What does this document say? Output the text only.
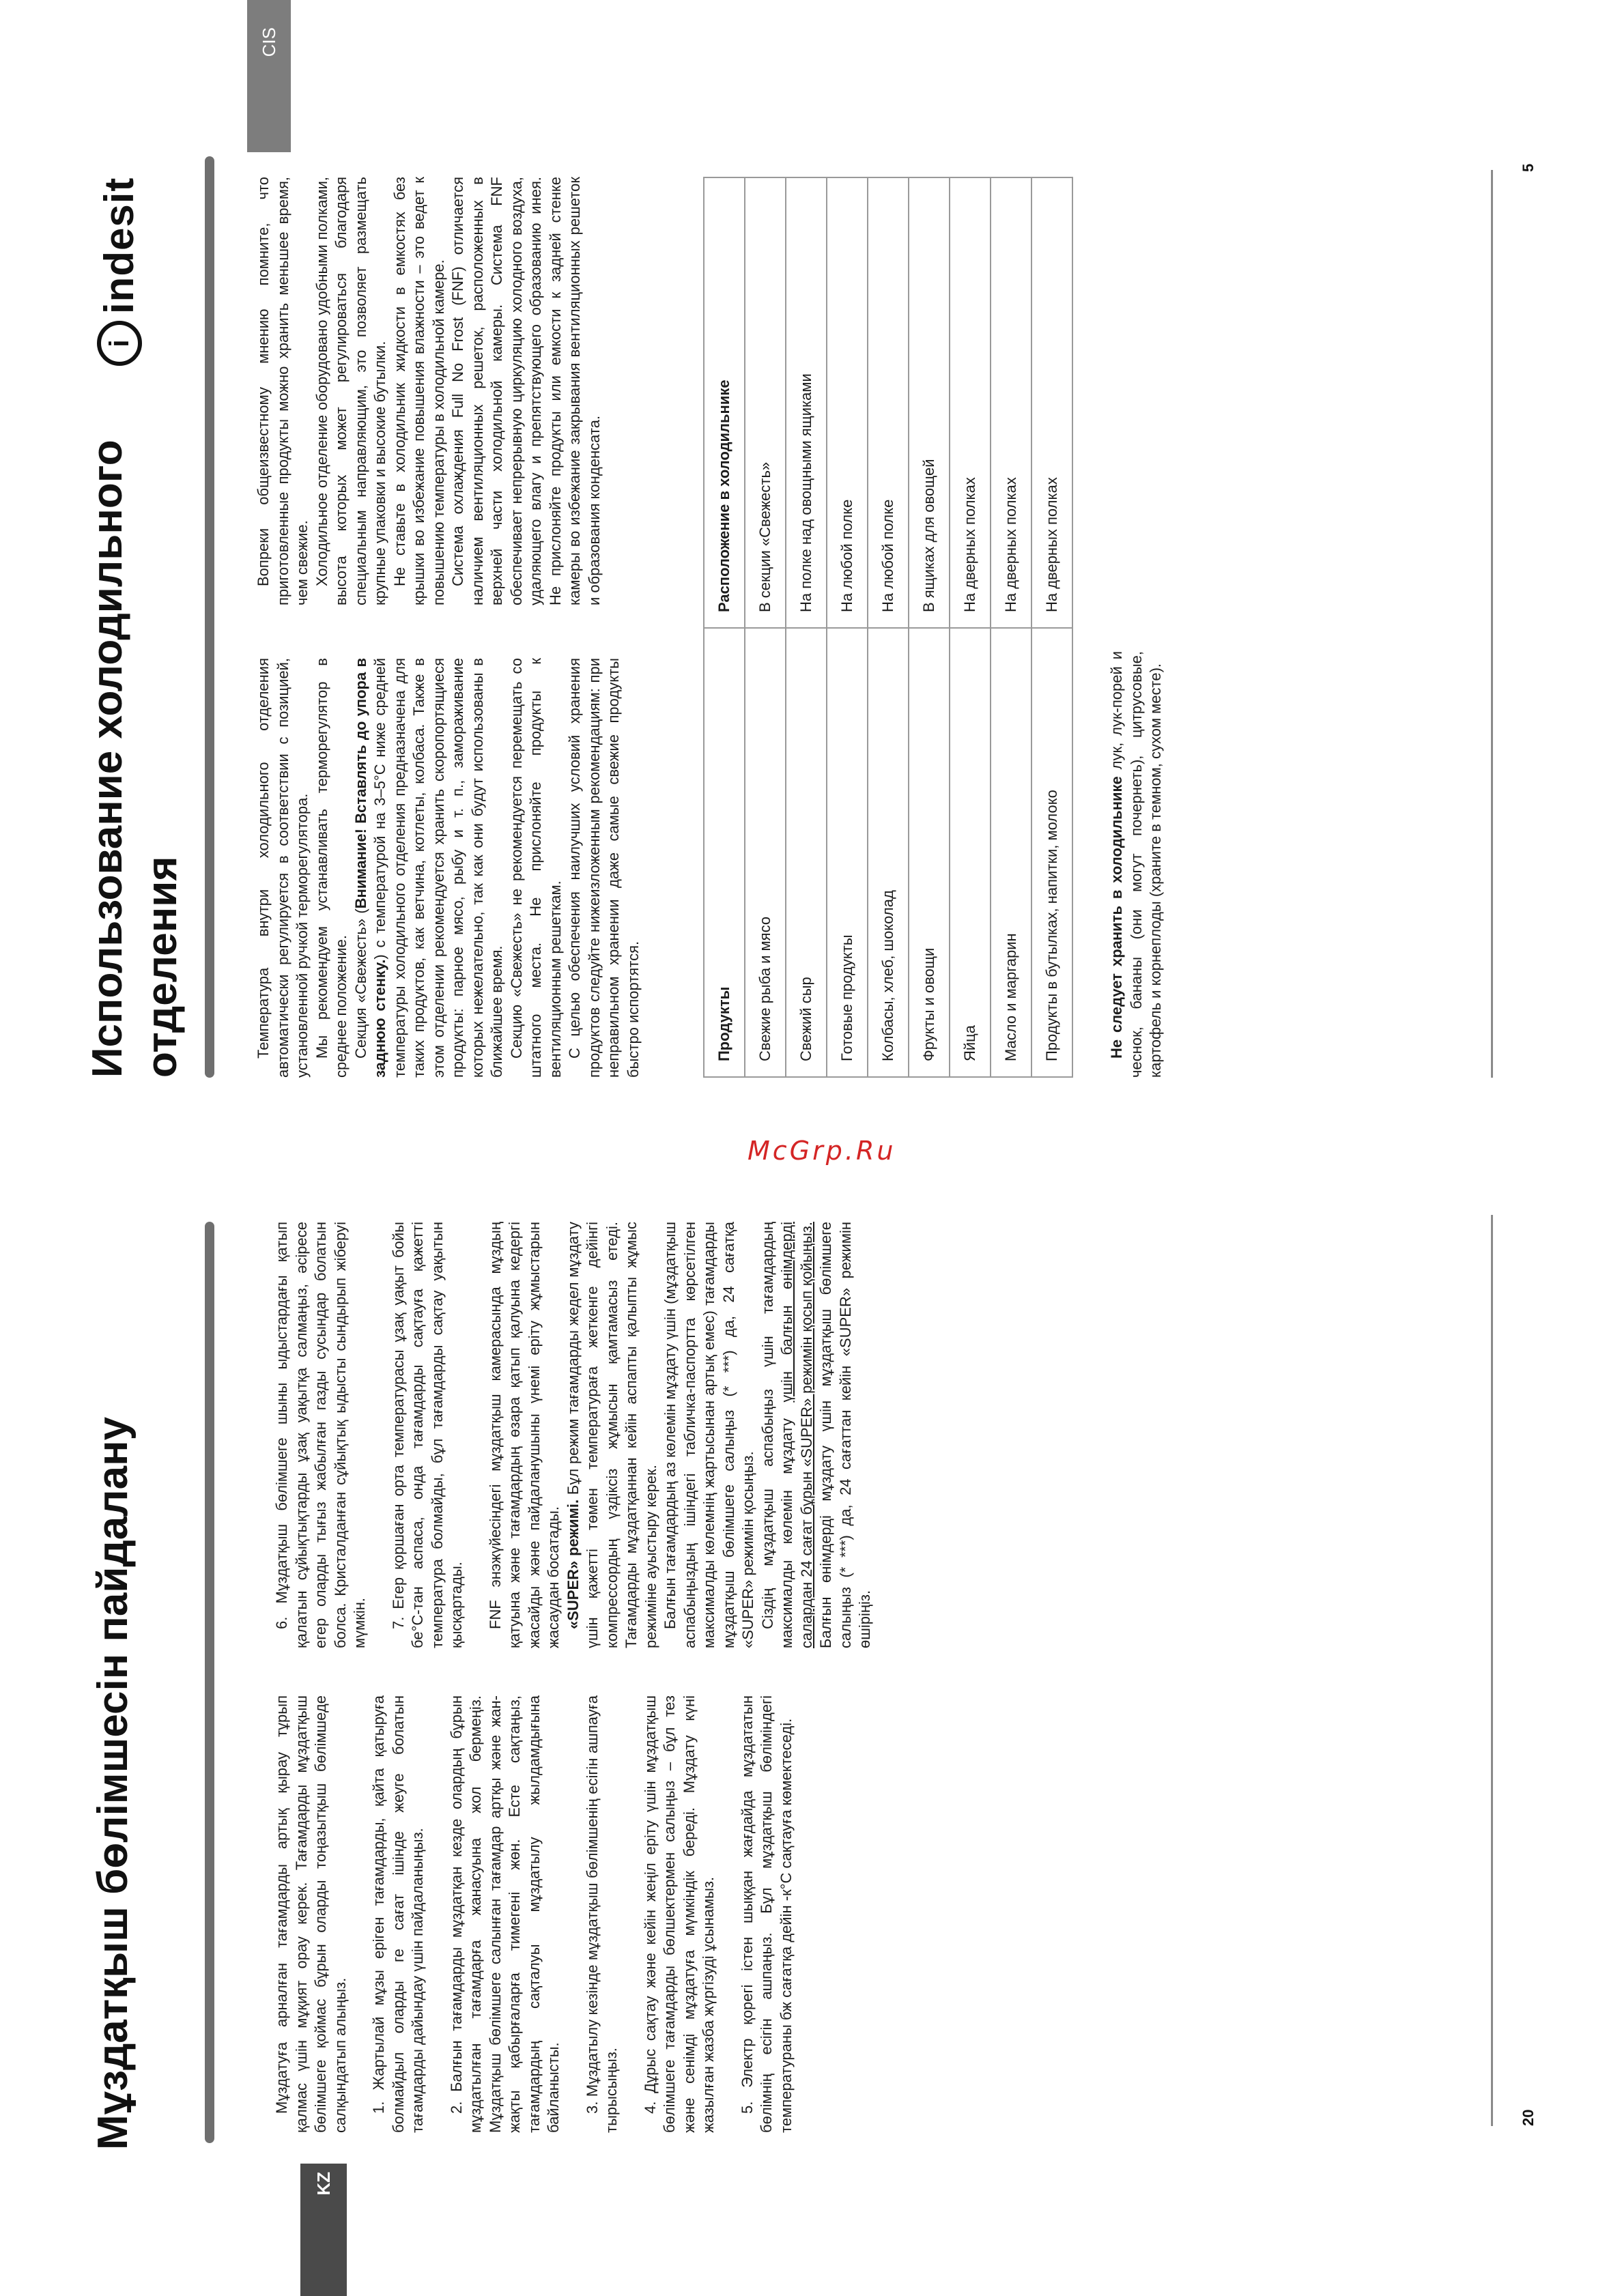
KZ
Мұздатқыш бөлімшесін пайдалану	Мұздатуға арналған тағамдарды артық қырау тұрып қалмас үшін мұқият орау керек. Тағамдарды мұздатқыш бөлімшеге қоймас бұрын оларды тоңазытқыш бөлімшеде салқындатып алыңыз. 1. Жартылай мұзы ерiген тағамдарды, қайта қатыруға болмайдыл оларды ге сағат ішінде жеуге болатын тағамдарды дайындау үшін пайдаланыңыз. 2. Балғын тағамдарды мұздатқан кезде олардың бұрын мұздатылған тағамдарға жанасуына жол бермеңіз. Мұздатқыш бөлімшеге салынған тағамдар артқы және жан-жақты қабырғаларға тимегені жөн. Есте сақтаңыз, тағамдардың сақталуы мұздатылу жылдамдығына байланысты. 3. Мұздатылу кезінде мұздатқыш бөлімшенің есігін ашпауға тырысыңыз. 4. Дұрыс сақтау және кейін жеңіл ерiту үшін мұздатқыш бөлімшеге тағамдарды бөлшектермен салыңыз – бұл тез және сенімді мұздатуға мүмкіндік береді. Мұздату күні жазылған жазба жүргізуді ұсынамыз. 5. Электр қорегі істен шыққан жағдайда мұздататын бөлімнің есігін ашпаңыз. Бұл мұздатқыш бөліміндегі температураны бж сағатқа дейін -к°С сақтауға көмектеседі.

6. Мұздатқыш бөлімшеге шыны ыдыстардағы қатып қалатын сұйықтықтарды ұзақ уақытқа салмаңыз, әсіресе егер оларды тығыз жабылған газды сусындар болатын болса. Кристалданған сұйықтық ыдысты сындырып жіберуі мүмкін. 7. Егер қоршаған орта температурасы ұзақ уақыт бойы бе°С-тан аспаса, онда тағамдарды сақтауға қажетті температура болмайды, бұл тағамдарды сақтау уақытын қысқартады. FNF энэжүйесіндегі мұздатқыш камерасында мұздың қатуына және тағамдардың өзара қатып қалуына кедергі жасайды және пайдаланушыны үнемі ерiту жұмыстарын жасаудан босатады. «SUPER» режимі. Бұл режим тағамдарды жедел мұздату үшін қажетті төмен температураға жеткенге дейінгі компрессордың үздіксіз жұмысын қамтамасыз етеді. Тағамдарды мұздатқаннан кейін аспапты қалыпты жұмыс режиміне ауыстыру керек. Балғын тағамдардың аз көлемін мұздату үшін (мұздатқыш аспабыңыздың ішіндегі табличка-паспортта көрсетілген максималды көлемнің жартысынан артық емес) тағамдарды мұздатқыш бөлімшеге салыңыз (* ***) да, 24 сағатқа «SUPER» режимін қосыңыз. Сіздің мұздатқыш аспабыңыз үшін тағамдардың максималды көлемін мұздату үшін балғын өнімдерді салардан 24 сағат бұрын «SUPER» режимін қосып қойыңыз. Балғын өнімдерді мұздату үшін мұздатқыш бөлімшеге салыңыз (* ***) да, 24 сағаттан кейін «SUPER» режимін өшіріңіз.

20
Использование холодильного отделения
i
indesit
CIS

Температура внутри холодильного отделения автоматически регулируется в соответствии с позицией, установленной ручкой терморегулятора. Мы рекомендуем устанавливать терморегулятор в среднее положение. Секция «Свежесть» (Внимание! Вставлять до упора в заднюю стенку.) с температурой на 3–5°С ниже средней температуры холодильного отделения предназначена для таких продуктов, как ветчина, котлеты, колбаса. Также в этом отделении рекомендуется хранить скоропортящиеся продукты: парное мясо, рыбу и т. п., замораживание которых нежелательно, так как они будут использованы в ближайшее время. Секцию «Свежесть» не рекомендуется перемещать со штатного места. Не прислоняйте продукты к вентиляционным решеткам. С целью обеспечения наилучших условий хранения продуктов следуйте нижеизложенным рекомендациям: при неправильном хранении даже самые свежие продукты быстро испортятся.

Вопреки общеизвестному мнению помните, что приготовленные продукты можно хранить меньшее время, чем свежие. Холодильное отделение оборудовано удобными полками, высота которых может регулироваться благодаря специальным направляющим, это позволяет размещать крупные упаковки и высокие бутылки. Не ставьте в холодильник жидкости в емкостях без крышки во избежание повышения влажности – это ведет к повышению температуры в холодильной камере. Система охлаждения Full No Frost (FNF) отличается наличием вентиляционных решеток, расположенных в верхней части холодильной камеры. Система FNF обеспечивает непрерывную циркуляцию холодного воздуха, удаляющего влагу и препятствующего образованию инея. Не прислоняйте продукты или емкости к задней стенке камеры во избежание закрывания вентиляционных решеток и образования конденсата.

Продукты	Расположение в холодильнике
Свежие рыба и мясо	В секции «Свежесть»
Свежий сыр	На полке над овощными ящиками
Готовые продукты	На любой полке
Колбасы, хлеб, шоколад	На любой полке
Фрукты и овощи	В ящиках для овощей
Яйца	На дверных полках
Масло и маргарин	На дверных полках
Продукты в бутылках, напитки, молоко	На дверных полках

Не следует хранить в холодильнике лук, лук-порей и чеснок, бананы (они могут почернеть), цитрусовые, картофель и корнеплоды (храните в темном, сухом месте).

5
McGrp.Ru
